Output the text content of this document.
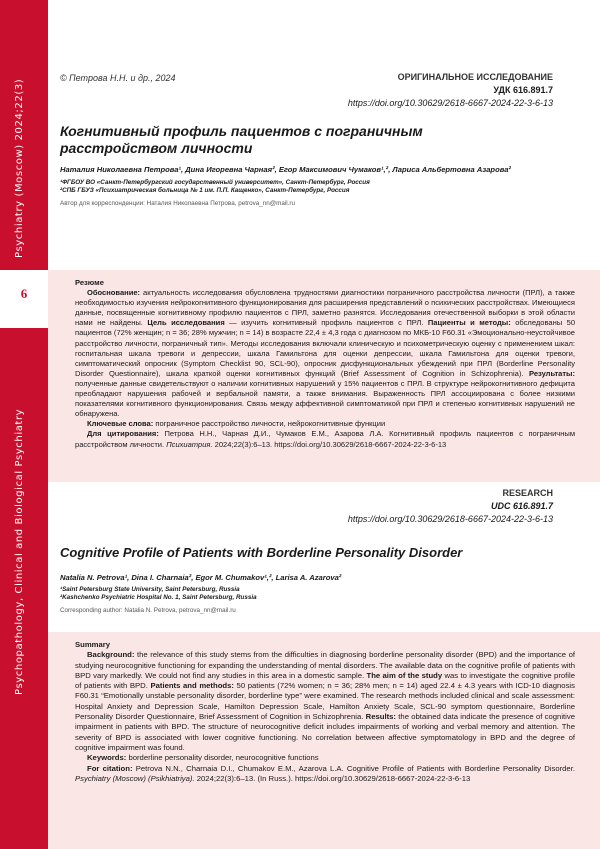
Psychiatry (Moscow) 2024;22(3)
6
Psychopathology, Clinical and Biological Psychiatry
© Петрова Н.Н. и др., 2024	ОРИГИНАЛЬНОЕ ИССЛЕДОВАНИЕ
УДК 616.891.7
https://doi.org/10.30629/2618-6667-2024-22-3-6-13
Когнитивный профиль пациентов с пограничным
расстройством личности
Наталия Николаевна Петрова¹, Дина Игоревна Чарная², Егор Максимович Чумаков¹,², Лариса Альбертовна Азарова²
¹ФГБОУ ВО «Санкт-Петербургский государственный университет», Санкт-Петербург, Россия
²СПБ ГБУЗ «Психиатрическая больница № 1 им. П.П. Кащенко», Санкт-Петербург, Россия
Автор для корреспонденции: Наталия Николаевна Петрова, petrova_nn@mail.ru
Резюме

Обоснование: актуальность исследования обусловлена трудностями диагностики пограничного расстройства личности (ПРЛ), а также необходимостью изучения нейрокогнитивного функционирования для расширения представлений о психических расстройствах. Имеющиеся данные, посвященные когнитивному профилю пациентов с ПРЛ, заметно разнятся. Исследования отечественной выборки в этой области нами не найдены. Цель исследования — изучить когнитивный профиль пациентов с ПРЛ. Пациенты и методы: обследованы 50 пациентов (72% женщин; n = 36; 28% мужчин; n = 14) в возрасте 22,4 ± 4,3 года с диагнозом по МКБ-10 F60.31 «Эмоционально-неустойчивое расстройство личности, пограничный тип». Методы исследования включали клиническую и психометрическую оценку с применением шкал: госпитальная шкала тревоги и депрессии, шкала Гамильтона для оценки депрессии, шкала Гамильтона для оценки тревоги, симптоматический опросник (Symptom Checklist 90, SCL-90), опросник дисфункциональных убеждений при ПРЛ (Borderline Personality Disorder Questionnaire), шкала краткой оценки когнитивных функций (Brief Assessment of Cognition in Schizophrenia). Результаты: полученные данные свидетельствуют о наличии когнитивных нарушений у 15% пациентов с ПРЛ. В структуре нейрокогнитивного дефицита преобладают нарушения рабочей и вербальной памяти, а также внимания. Выраженность ПРЛ ассоциирована с более низкими показателями когнитивного функционирования. Связь между аффективной симптоматикой при ПРЛ и степенью когнитивных нарушений не обнаружена.

Ключевые слова: пограничное расстройство личности, нейрокогнитивные функции

Для цитирования: Петрова Н.Н., Чарная Д.И., Чумаков Е.М., Азарова Л.А. Когнитивный профиль пациентов с пограничным расстройством личности. Психиатрия. 2024;22(3):6–13. https://doi.org/10.30629/2618-6667-2024-22-3-6-13

RESEARCH
UDC 616.891.7
https://doi.org/10.30629/2618-6667-2024-22-3-6-13
Cognitive Profile of Patients with Borderline Personality Disorder
Natalia N. Petrova¹, Dina I. Charnaia², Egor M. Chumakov¹,², Larisa A. Azarova²
¹Saint Petersburg State University, Saint Petersburg, Russia
²Kashchenko Psychiatric Hospital No. 1, Saint Petersburg, Russia
Corresponding author: Natalia N. Petrova, petrova_nn@mail.ru
Summary

Background: the relevance of this study stems from the difficulties in diagnosing borderline personality disorder (BPD) and the importance of studying neurocognitive functioning for expanding the understanding of mental disorders. The available data on the cognitive profile of patients with BPD vary markedly. We could not find any studies in this area in a domestic sample. The aim of the study was to investigate the cognitive profile of patients with BPD. Patients and methods: 50 patients (72% women; n = 36; 28% men; n = 14) aged 22.4 ± 4.3 years with ICD-10 diagnosis F60.31 “Emotionally unstable personality disorder, borderline type” were examined. The research methods included clinical and scale assessment: Hospital Anxiety and Depression Scale, Hamilton Depression Scale, Hamilton Anxiety Scale, SCL-90 symptom questionnaire, Borderline Personality Disorder Questionnaire, Brief Assessment of Cognition in Schizophrenia. Results: the obtained data indicate the presence of cognitive impairment in patients with BPD. The structure of neurocognitive deficit includes impairments of working and verbal memory and attention. The severity of BPD is associated with lower cognitive functioning. No correlation between affective symptomatology in BPD and the degree of cognitive impairment was found.

Keywords: borderline personality disorder, neurocognitive functions

For citation: Petrova N.N., Charnaia D.I., Chumakov E.M., Azarova L.A. Cognitive Profile of Patients with Borderline Personality Disorder. Psychiatry (Moscow) (Psikhiatriya). 2024;22(3):6–13. (In Russ.). https://doi.org/10.30629/2618-6667-2024-22-3-6-13
